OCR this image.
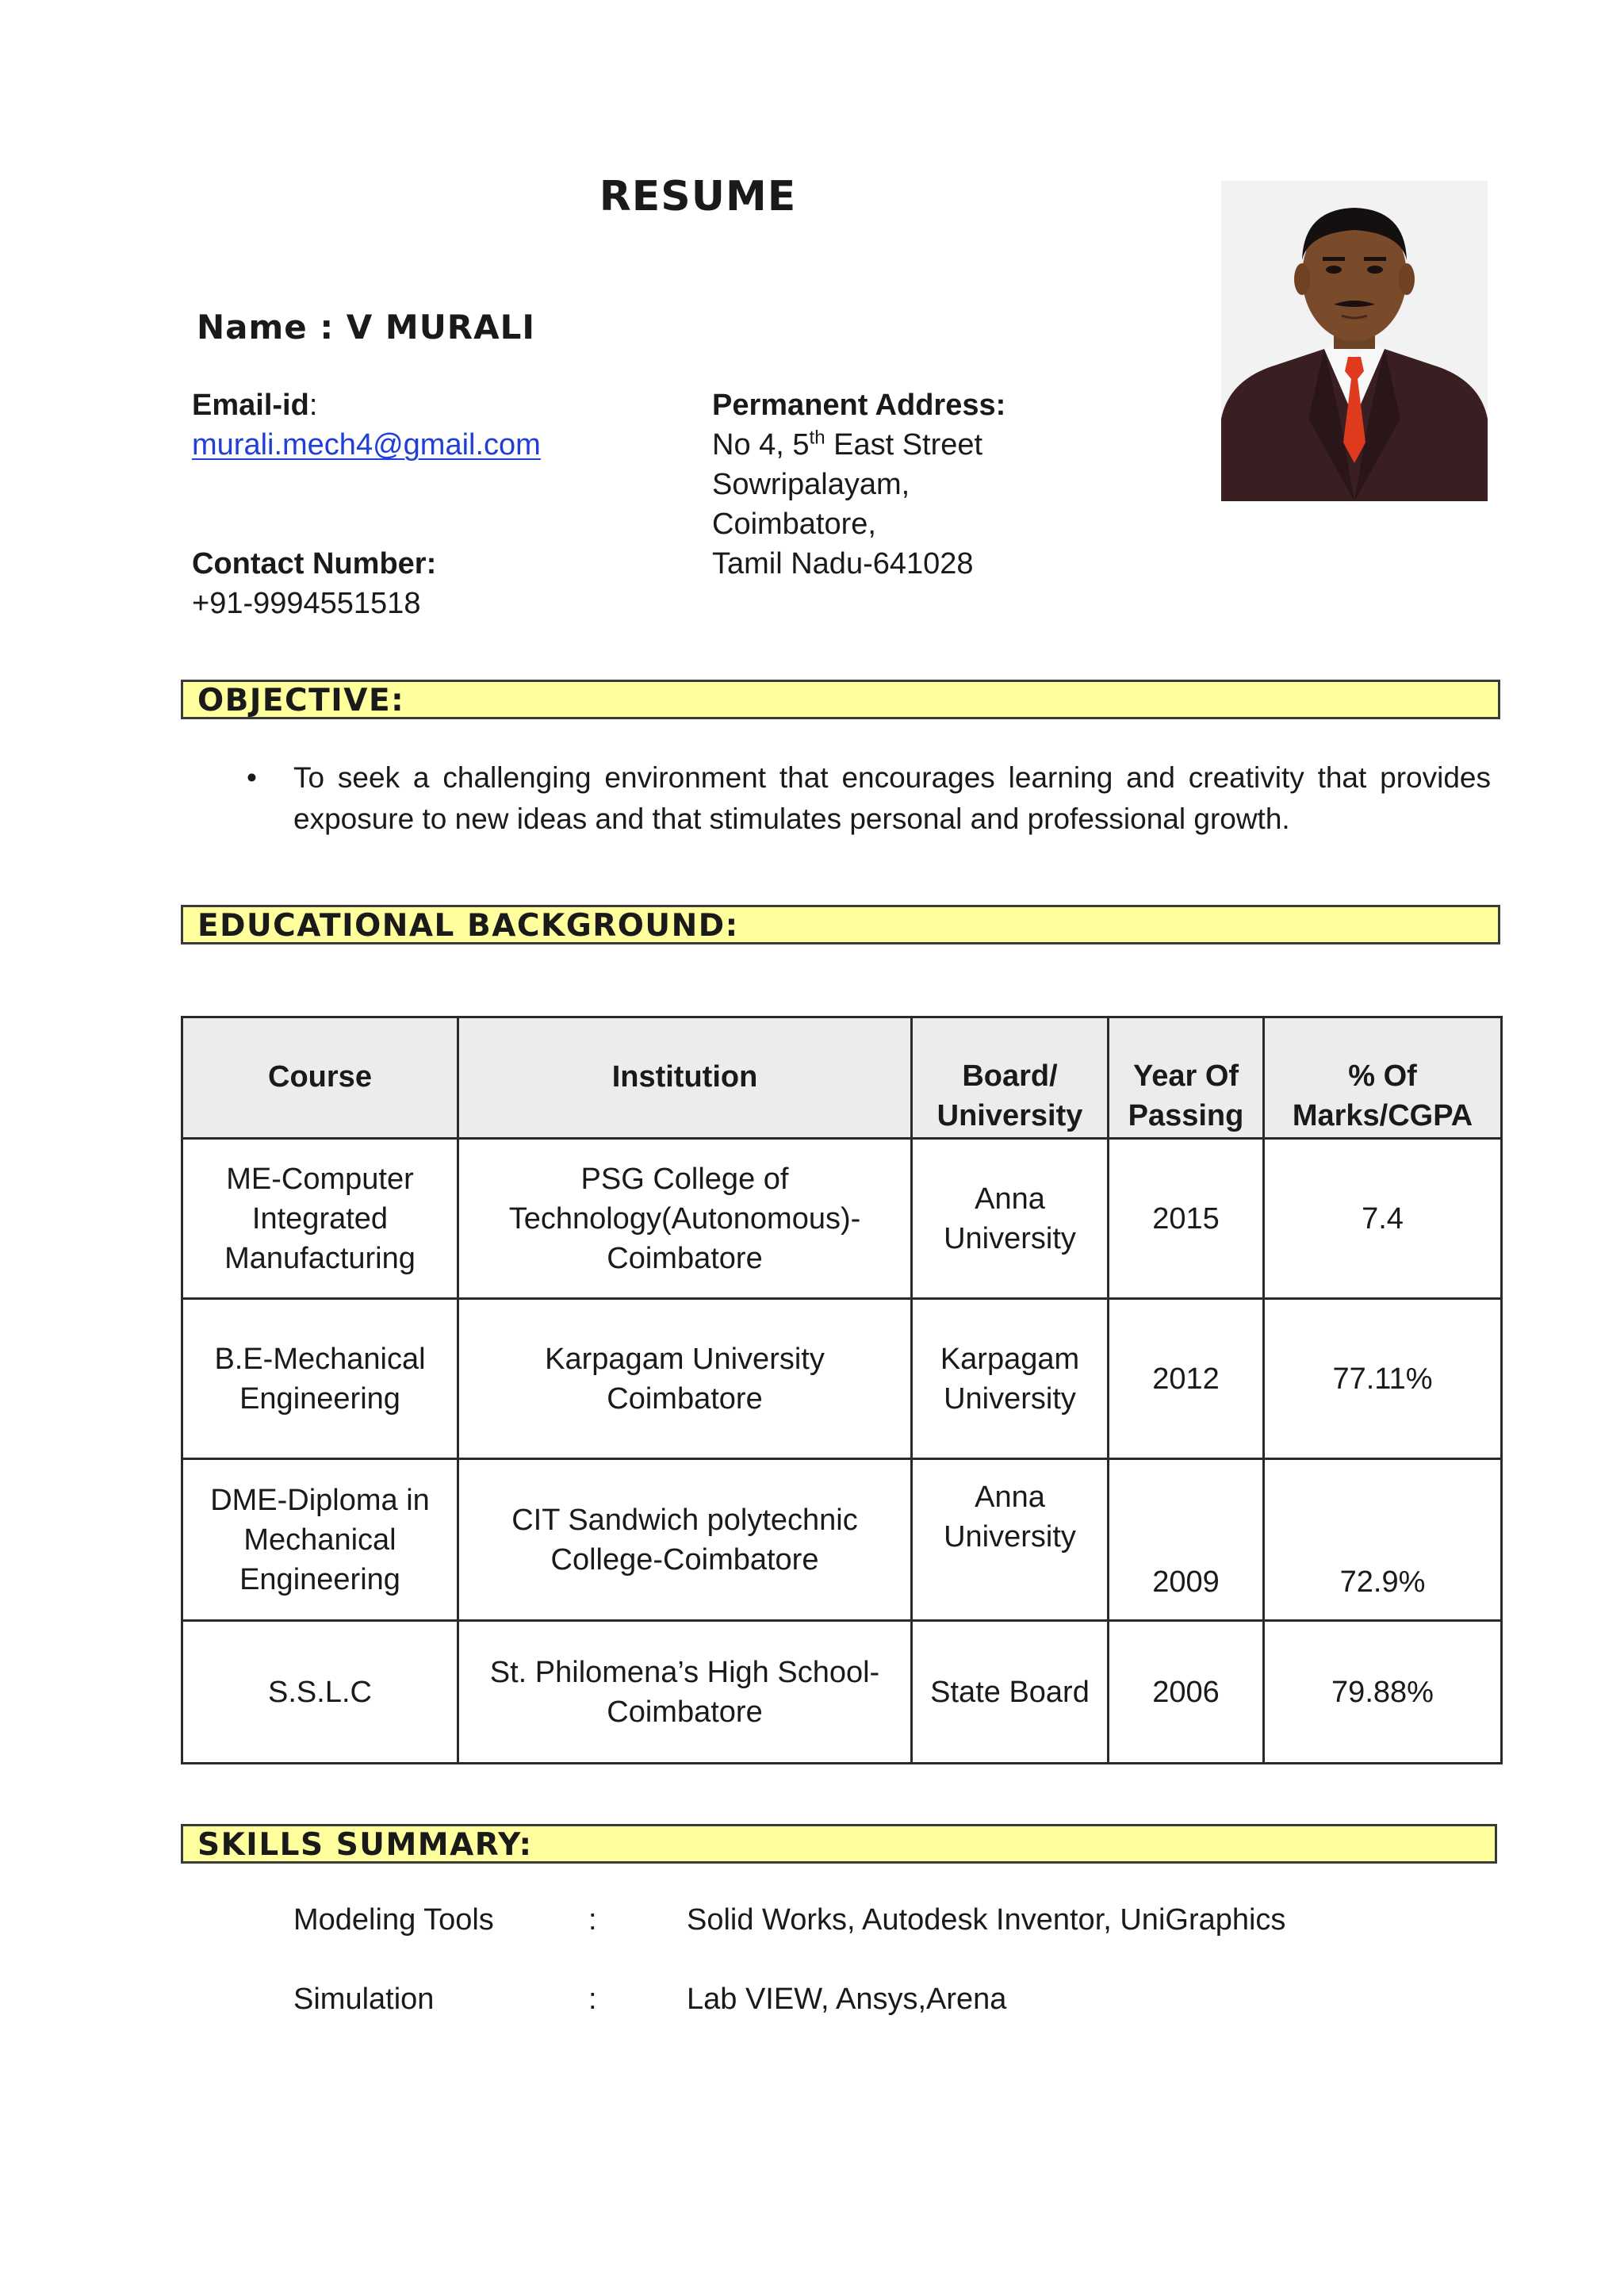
RESUME
Name : V MURALI
Email-id:
murali.mech4@gmail.com
Contact Number:
+91-9994551518
Permanent Address:
No 4, 5th East Street
Sowripalayam,
Coimbatore,
Tamil Nadu-641028
OBJECTIVE:
• To seek a challenging environment that encourages learning and creativity that provides exposure to new ideas and that stimulates personal and professional growth.
EDUCATIONAL BACKGROUND:
Course	Institution	Board/ University	Year Of Passing	% Of Marks/CGPA
ME-Computer Integrated Manufacturing	PSG College of Technology(Autonomous)- Coimbatore	Anna University	2015	7.4
B.E-Mechanical Engineering	Karpagam University Coimbatore	Karpagam University	2012	77.11%
DME-Diploma in Mechanical Engineering	CIT Sandwich polytechnic College-Coimbatore	Anna University	2009	72.9%
S.S.L.C	St. Philomena’s High School- Coimbatore	State Board	2006	79.88%
SKILLS SUMMARY:
Modeling Tools	:	Solid Works, Autodesk Inventor, UniGraphics
Simulation	:	Lab VIEW, Ansys,Arena
